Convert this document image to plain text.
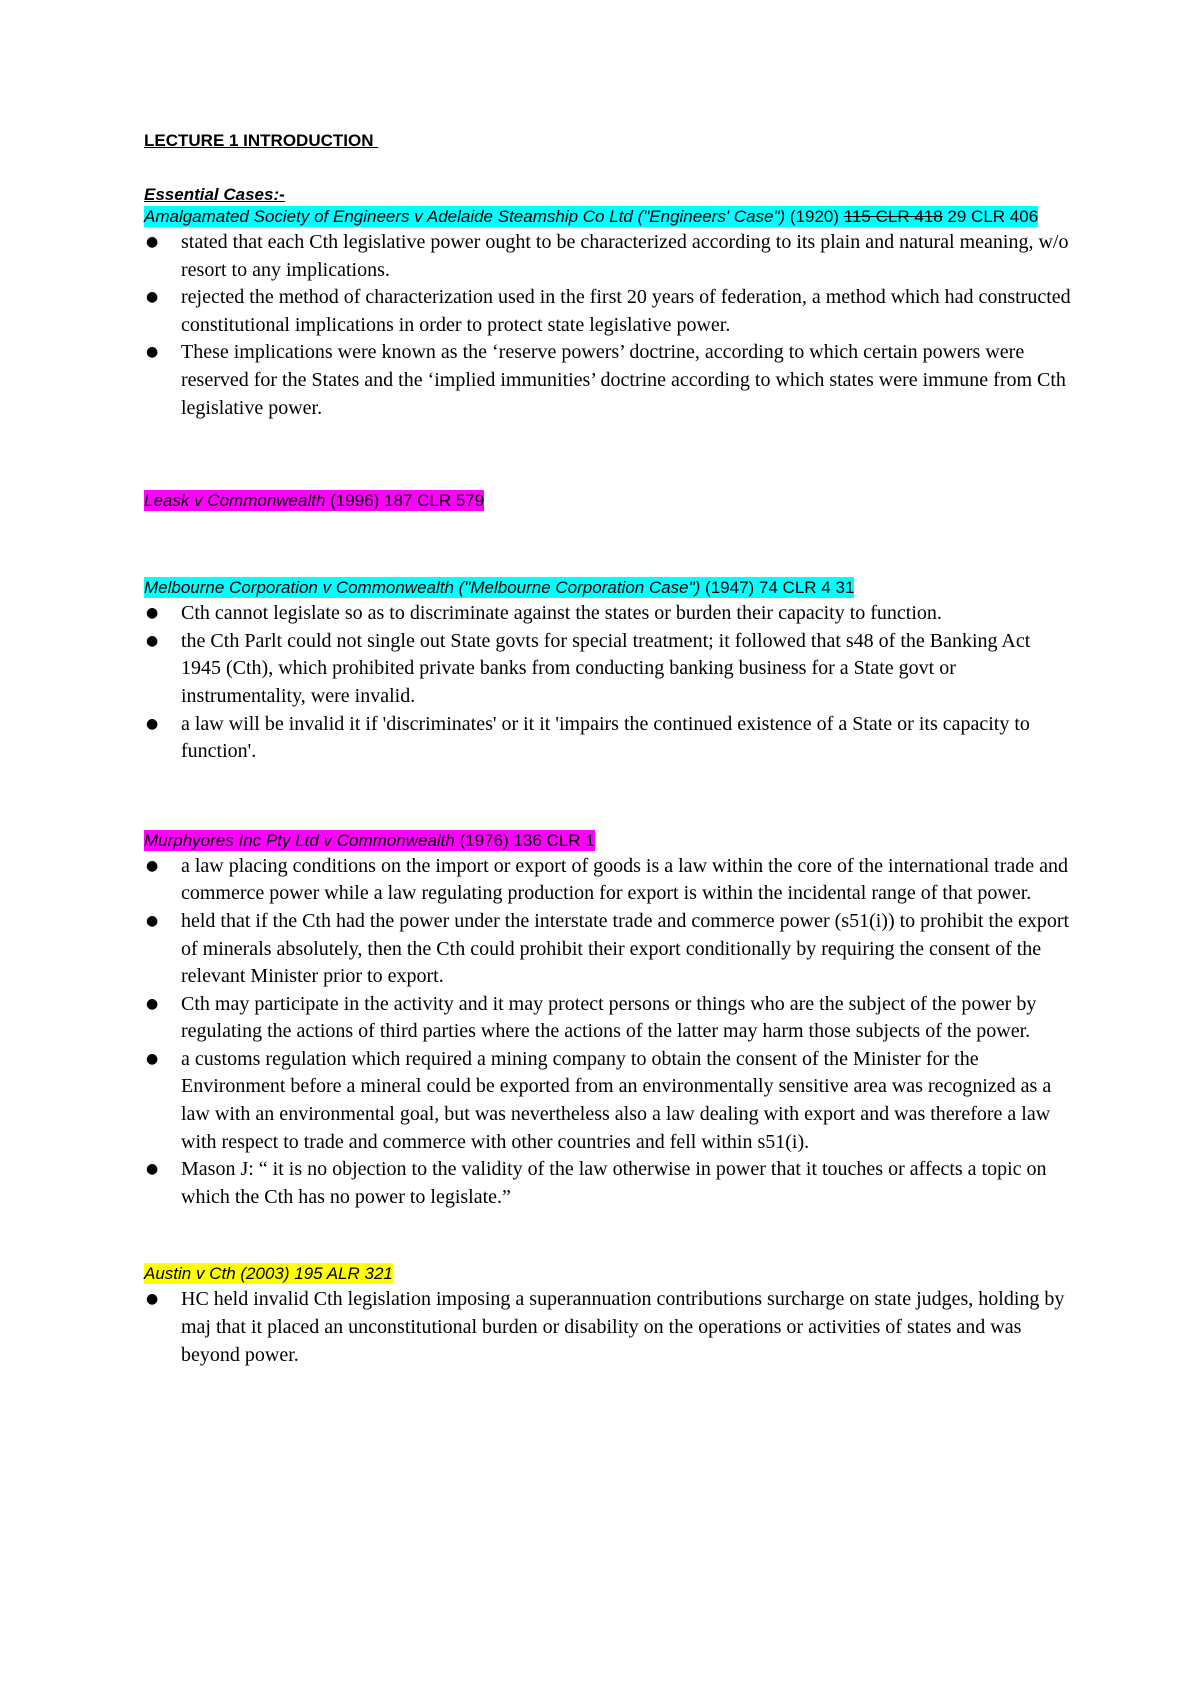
LECTURE 1 INTRODUCTION
Essential Cases:-
Amalgamated Society of Engineers v Adelaide Steamship Co Ltd ("Engineers' Case") (1920) 115 CLR 418 29 CLR 406
● stated that each Cth legislative power ought to be characterized according to its plain and natural meaning, w/o resort to any implications.
● rejected the method of characterization used in the first 20 years of federation, a method which had constructed constitutional implications in order to protect state legislative power.
● These implications were known as the ‘reserve powers’ doctrine, according to which certain powers were reserved for the States and the ‘implied immunities’ doctrine according to which states were immune from Cth legislative power.
Leask v Commonwealth (1996) 187 CLR 579
Melbourne Corporation v Commonwealth ("Melbourne Corporation Case") (1947) 74 CLR 4 31
● Cth cannot legislate so as to discriminate against the states or burden their capacity to function.
● the Cth Parlt could not single out State govts for special treatment; it followed that s48 of the Banking Act 1945 (Cth), which prohibited private banks from conducting banking business for a State govt or instrumentality, were invalid.
● a law will be invalid it if 'discriminates' or it it 'impairs the continued existence of a State or its capacity to function'.
Murphyores Inc Pty Ltd v Commonwealth (1976) 136 CLR 1
● a law placing conditions on the import or export of goods is a law within the core of the international trade and commerce power while a law regulating production for export is within the incidental range of that power.
● held that if the Cth had the power under the interstate trade and commerce power (s51(i)) to prohibit the export of minerals absolutely, then the Cth could prohibit their export conditionally by requiring the consent of the relevant Minister prior to export.
● Cth may participate in the activity and it may protect persons or things who are the subject of the power by regulating the actions of third parties where the actions of the latter may harm those subjects of the power.
● a customs regulation which required a mining company to obtain the consent of the Minister for the Environment before a mineral could be exported from an environmentally sensitive area was recognized as a law with an environmental goal, but was nevertheless also a law dealing with export and was therefore a law with respect to trade and commerce with other countries and fell within s51(i).
● Mason J: “ it is no objection to the validity of the law otherwise in power that it touches or affects a topic on which the Cth has no power to legislate.”
Austin v Cth (2003) 195 ALR 321
● HC held invalid Cth legislation imposing a superannuation contributions surcharge on state judges, holding by maj that it placed an unconstitutional burden or disability on the operations or activities of states and was beyond power.
